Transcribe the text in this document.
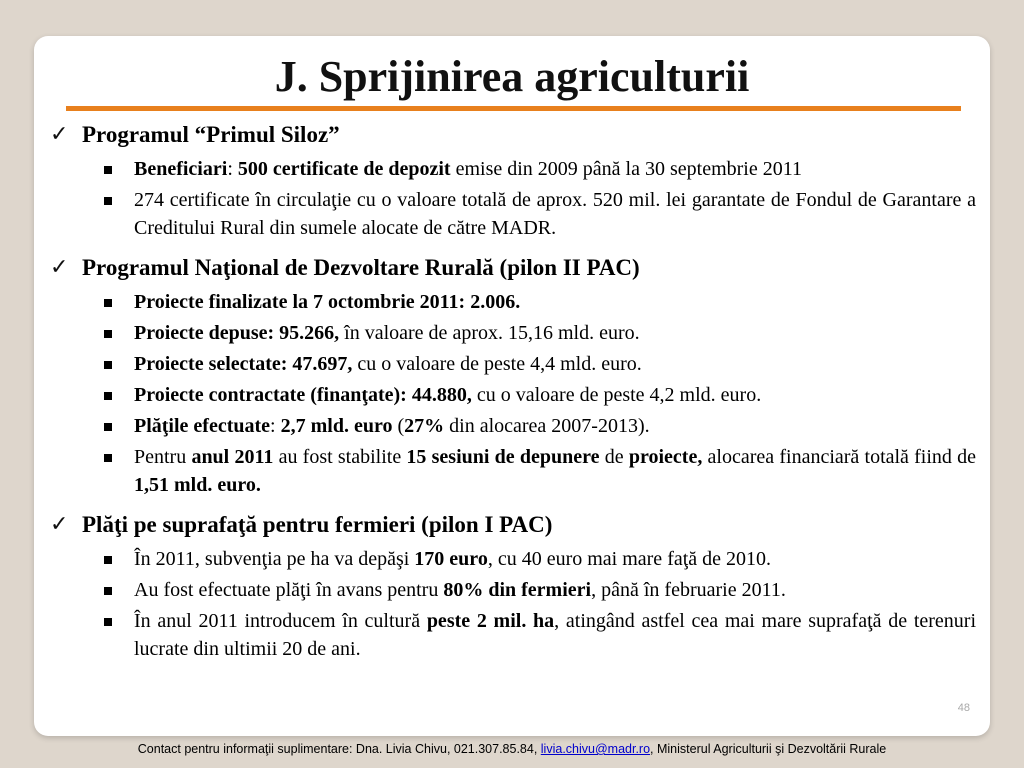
J. Sprijinirea agriculturii
✓ Programul “Primul Siloz”
Beneficiari: 500 certificate de depozit emise din 2009 până la 30 septembrie 2011
274 certificate în circulaţie cu o valoare totală de aprox. 520 mil. lei garantate de Fondul de Garantare a Creditului Rural din sumele alocate de către MADR.
✓ Programul Naţional de Dezvoltare Rurală (pilon II PAC)
Proiecte finalizate la 7 octombrie 2011: 2.006.
Proiecte depuse: 95.266, în valoare de aprox. 15,16 mld. euro.
Proiecte selectate: 47.697, cu o valoare de peste 4,4 mld. euro.
Proiecte contractate (finanţate): 44.880, cu o valoare de peste 4,2 mld. euro.
Plăţile efectuate: 2,7 mld. euro (27% din alocarea 2007-2013).
Pentru anul 2011 au fost stabilite 15 sesiuni de depunere de proiecte, alocarea financiară totală fiind de 1,51 mld. euro.
✓ Plăţi pe suprafaţă pentru fermieri (pilon I PAC)
În 2011, subvenţia pe ha va depăşi 170 euro, cu 40 euro mai mare faţă de 2010.
Au fost efectuate plăţi în avans pentru 80% din fermieri, până în februarie 2011.
În anul 2011 introducem în cultură peste 2 mil. ha, atingând astfel cea mai mare suprafaţă de terenuri lucrate din ultimii 20 de ani.
48
Contact pentru informaţii suplimentare: Dna. Livia Chivu, 021.307.85.84, livia.chivu@madr.ro, Ministerul Agriculturii şi Dezvoltării Rurale
